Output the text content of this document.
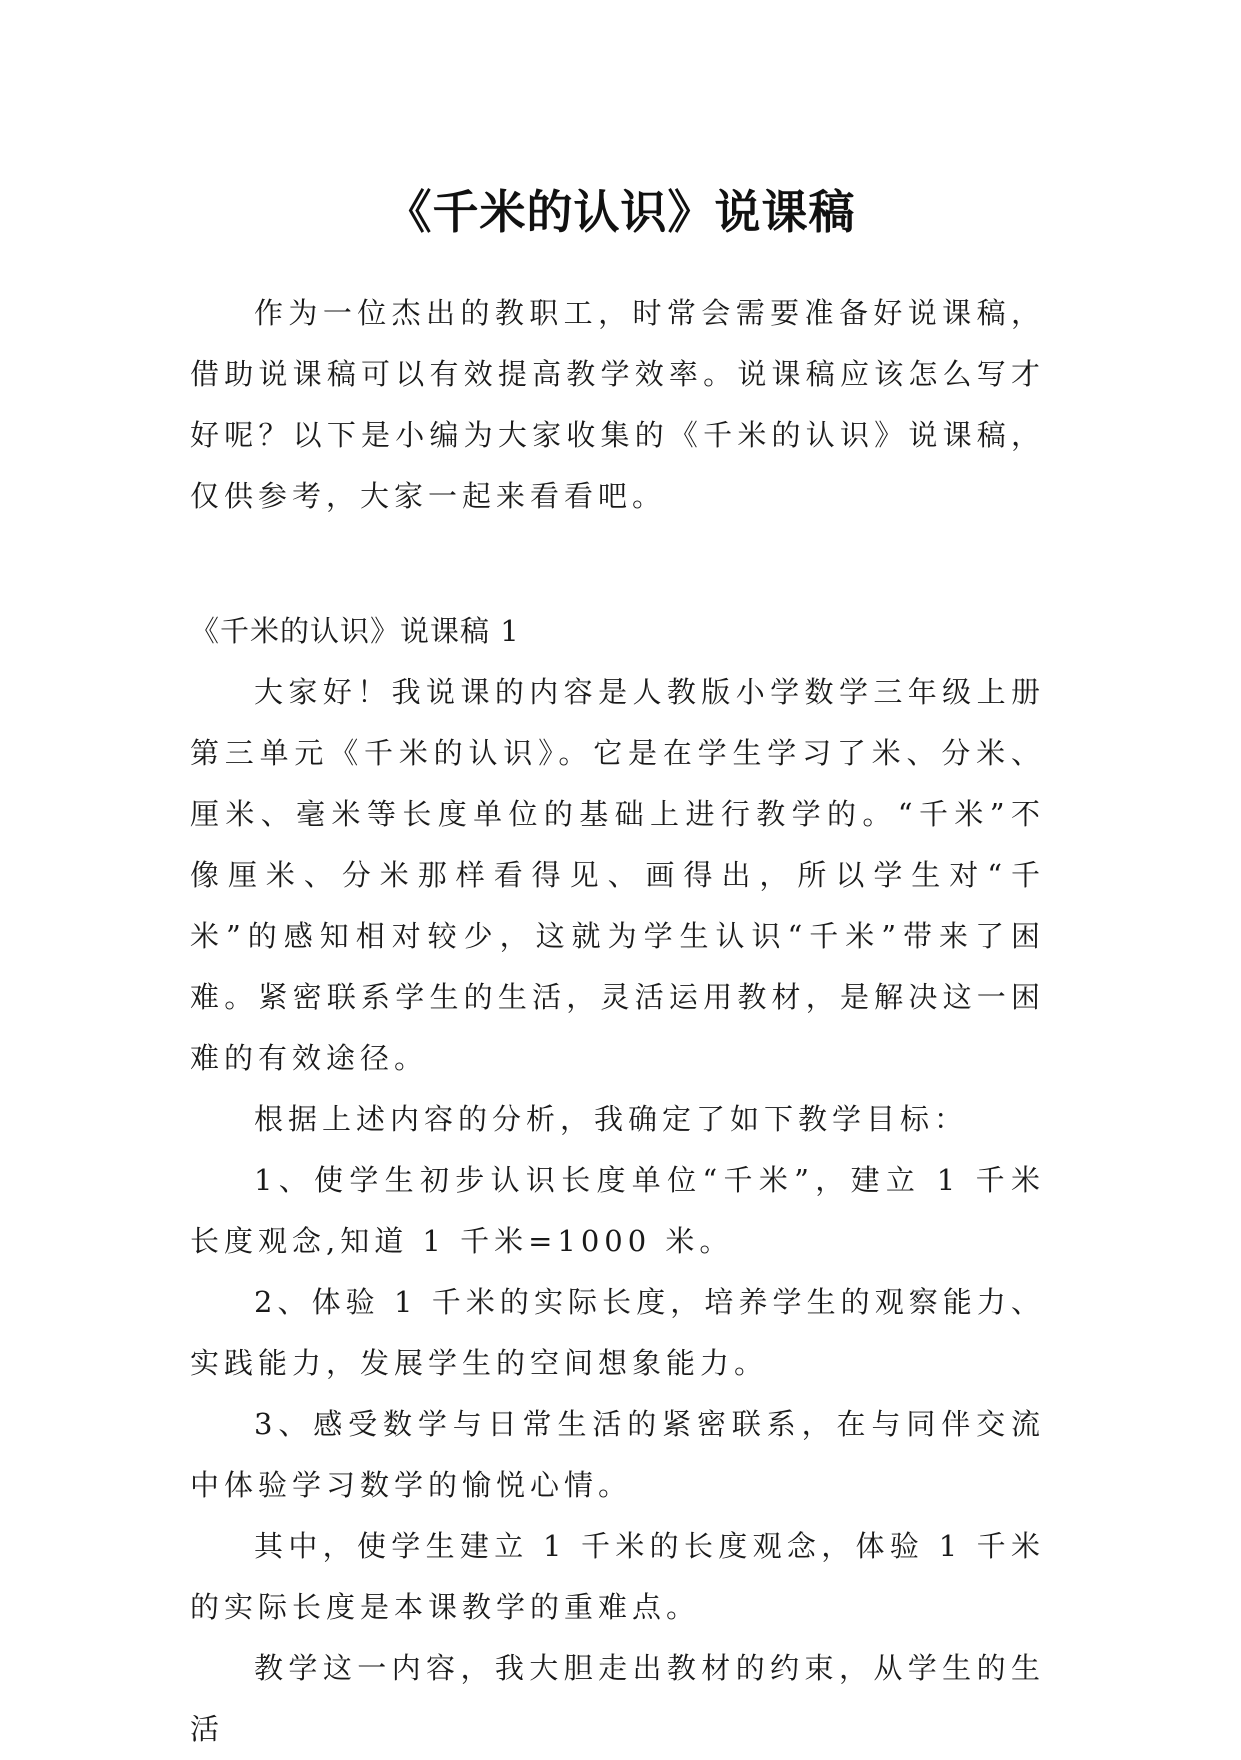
《千米的认识》说课稿

作为一位杰出的教职工，时常会需要准备好说课稿，借助说课稿可以有效提高教学效率。说课稿应该怎么写才好呢？以下是小编为大家收集的《千米的认识》说课稿，仅供参考，大家一起来看看吧。

《千米的认识》说课稿 1

大家好！我说课的内容是人教版小学数学三年级上册第三单元《千米的认识》。它是在学生学习了米、分米、厘米、毫米等长度单位的基础上进行教学的。“千米”不像厘米、分米那样看得见、画得出，所以学生对“千米”的感知相对较少，这就为学生认识“千米”带来了困难。紧密联系学生的生活，灵活运用教材，是解决这一困难的有效途径。

根据上述内容的分析，我确定了如下教学目标：

1、使学生初步认识长度单位“千米”，建立 1 千米长度观念,知道 1 千米=1000 米。

2、体验 1 千米的实际长度，培养学生的观察能力、实践能力，发展学生的空间想象能力。

3、感受数学与日常生活的紧密联系，在与同伴交流中体验学习数学的愉悦心情。

其中，使学生建立 1 千米的长度观念，体验 1 千米的实际长度是本课教学的重难点。

教学这一内容，我大胆走出教材的约束，从学生的生活
